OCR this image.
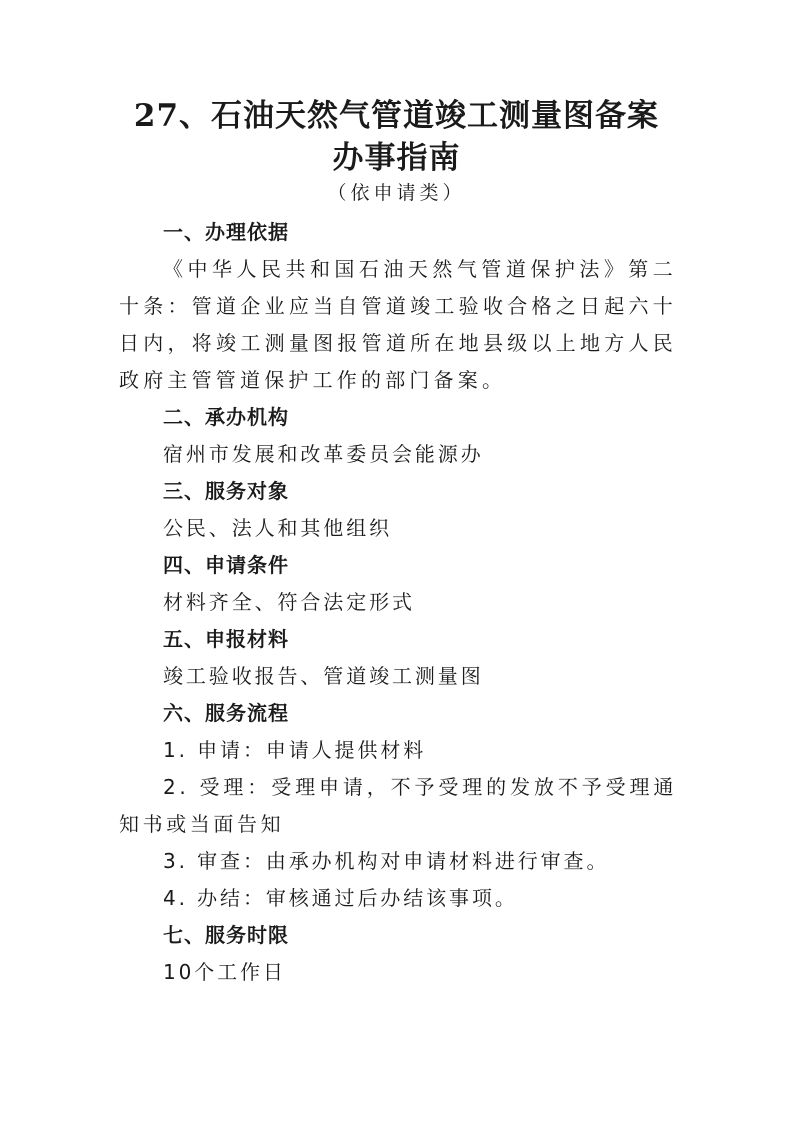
27、石油天然气管道竣工测量图备案
办事指南
（依申请类）
一、办理依据
《中华人民共和国石油天然气管道保护法》第二十条：管道企业应当自管道竣工验收合格之日起六十日内，将竣工测量图报管道所在地县级以上地方人民政府主管管道保护工作的部门备案。
二、承办机构
宿州市发展和改革委员会能源办
三、服务对象
公民、法人和其他组织
四、申请条件
材料齐全、符合法定形式
五、申报材料
竣工验收报告、管道竣工测量图
六、服务流程
1. 申请：申请人提供材料
2. 受理：受理申请，不予受理的发放不予受理通知书或当面告知
3. 审查：由承办机构对申请材料进行审查。
4. 办结：审核通过后办结该事项。
七、服务时限
10个工作日
